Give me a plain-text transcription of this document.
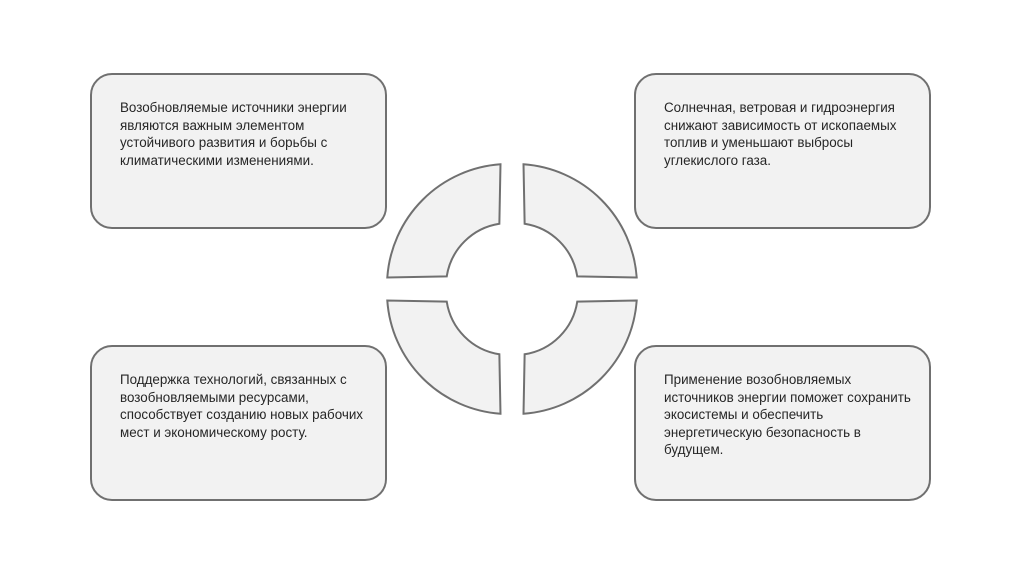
Возобновляемые источники энергии являются важным элементом устойчивого развития и борьбы с климатическими изменениями.
Солнечная, ветровая и гидроэнергия снижают зависимость от ископаемых топлив и уменьшают выбросы углекислого газа.
Поддержка технологий, связанных с возобновляемыми ресурсами, способствует созданию новых рабочих мест и экономическому росту.
Применение возобновляемых источников энергии поможет сохранить экосистемы и обеспечить энергетическую безопасность в будущем.
